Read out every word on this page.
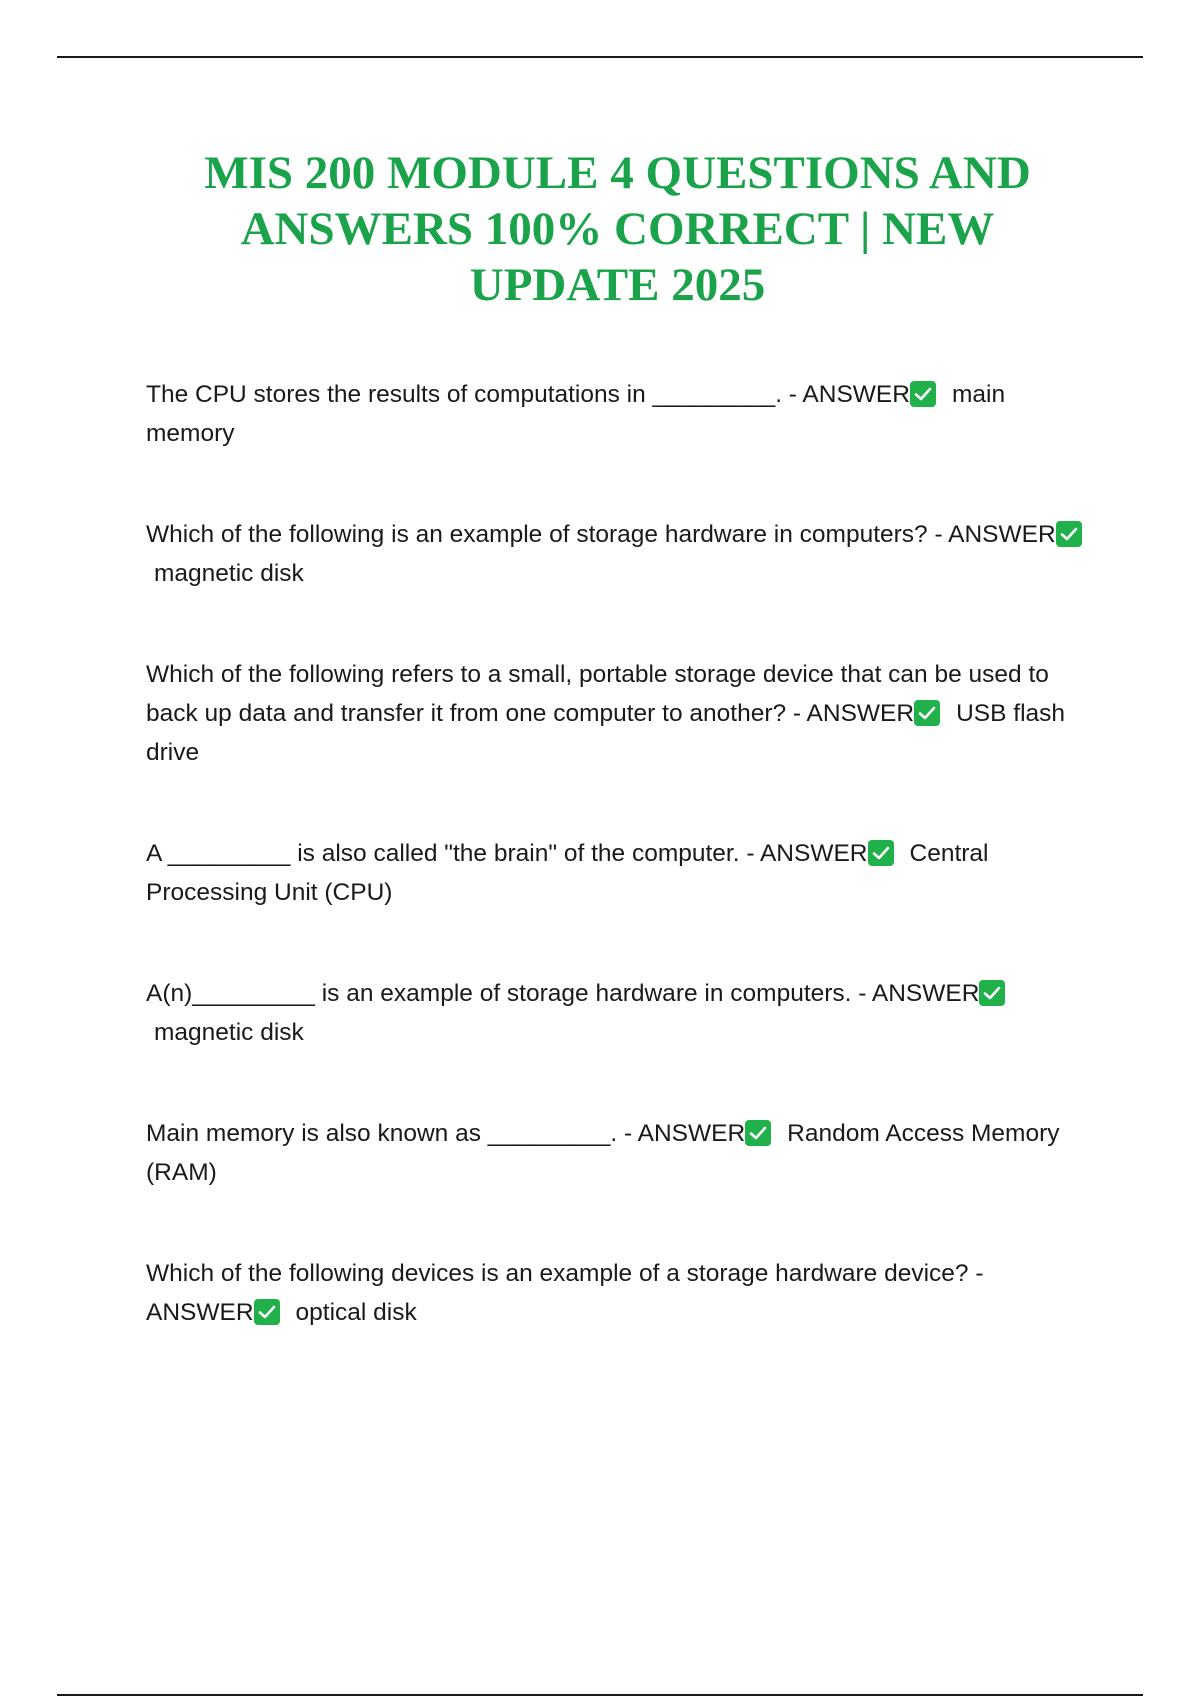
MIS 200 MODULE 4 QUESTIONS AND
ANSWERS 100% CORRECT | NEW
UPDATE 2025

The CPU stores the results of computations in _________. - ANSWER main memory

Which of the following is an example of storage hardware in computers? - ANSWER
magnetic disk

Which of the following refers to a small, portable storage device that can be used to back up data and transfer it from one computer to another? - ANSWER USB flash drive

A _________ is also called "the brain" of the computer. - ANSWER Central Processing Unit (CPU)

A(n)_________ is an example of storage hardware in computers. - ANSWER
magnetic disk

Main memory is also known as _________. - ANSWER Random Access Memory (RAM)

Which of the following devices is an example of a storage hardware device? - ANSWER optical disk
